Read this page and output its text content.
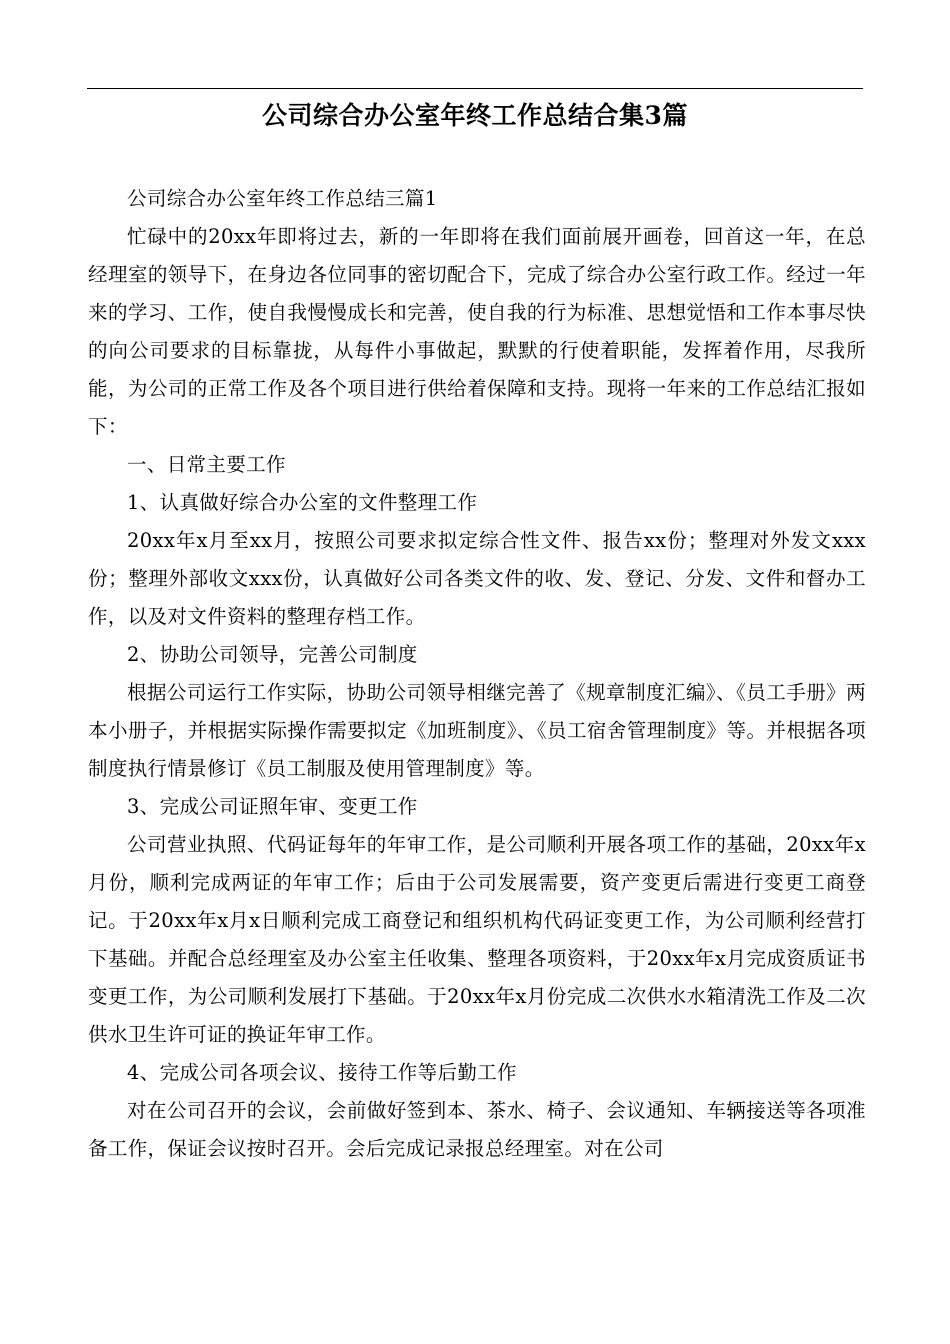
公司综合办公室年终工作总结合集3篇

公司综合办公室年终工作总结三篇1

忙碌中的20xx年即将过去，新的一年即将在我们面前展开画卷，回首这一年，在总经理室的领导下，在身边各位同事的密切配合下，完成了综合办公室行政工作。经过一年来的学习、工作，使自我慢慢成长和完善，使自我的行为标准、思想觉悟和工作本事尽快的向公司要求的目标靠拢，从每件小事做起，默默的行使着职能，发挥着作用，尽我所能，为公司的正常工作及各个项目进行供给着保障和支持。现将一年来的工作总结汇报如下：

一、日常主要工作

1、认真做好综合办公室的文件整理工作

20xx年x月至xx月，按照公司要求拟定综合性文件、报告xx份；整理对外发文xxx份；整理外部收文xxx份，认真做好公司各类文件的收、发、登记、分发、文件和督办工作，以及对文件资料的整理存档工作。

2、协助公司领导，完善公司制度

根据公司运行工作实际，协助公司领导相继完善了《规章制度汇编》、《员工手册》两本小册子，并根据实际操作需要拟定《加班制度》、《员工宿舍管理制度》等。并根据各项制度执行情景修订《员工制服及使用管理制度》等。

3、完成公司证照年审、变更工作

公司营业执照、代码证每年的年审工作，是公司顺利开展各项工作的基础，20xx年x月份，顺利完成两证的年审工作；后由于公司发展需要，资产变更后需进行变更工商登记。于20xx年x月x日顺利完成工商登记和组织机构代码证变更工作，为公司顺利经营打下基础。并配合总经理室及办公室主任收集、整理各项资料，于20xx年x月完成资质证书变更工作，为公司顺利发展打下基础。于20xx年x月份完成二次供水水箱清洗工作及二次供水卫生许可证的换证年审工作。

4、完成公司各项会议、接待工作等后勤工作

对在公司召开的会议，会前做好签到本、茶水、椅子、会议通知、车辆接送等各项准备工作，保证会议按时召开。会后完成记录报总经理室。对在公司
